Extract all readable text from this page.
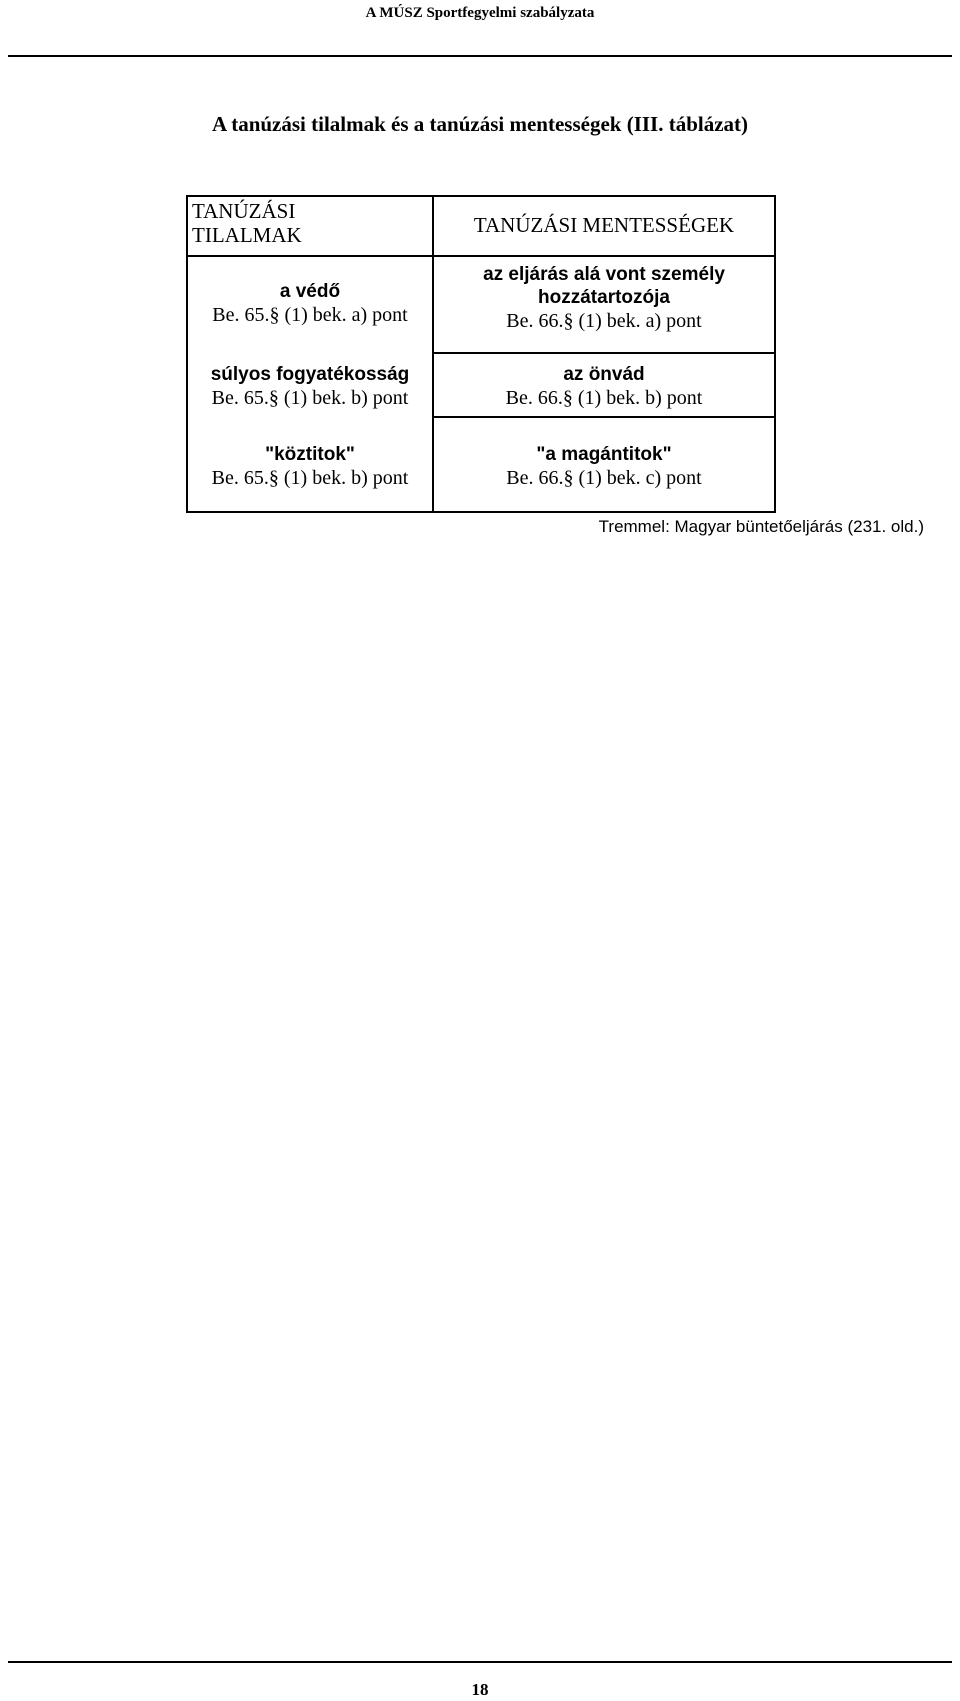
A MÚSZ Sportfegyelmi szabályzata
A tanúzási tilalmak és a tanúzási mentességek (III. táblázat)
TANÚZÁSI
TILALMAK
a védő
Be. 65.§ (1) bek. a) pont
súlyos fogyatékosság
Be. 65.§ (1) bek. b) pont
"köztitok"
Be. 65.§ (1) bek. b) pont
TANÚZÁSI MENTESSÉGEK
az eljárás alá vont személy
hozzátartozója
Be. 66.§ (1) bek. a) pont
az önvád
Be. 66.§ (1) bek. b) pont
"a magántitok"
Be. 66.§ (1) bek. c) pont
Tremmel: Magyar büntetőeljárás (231. old.)
18
